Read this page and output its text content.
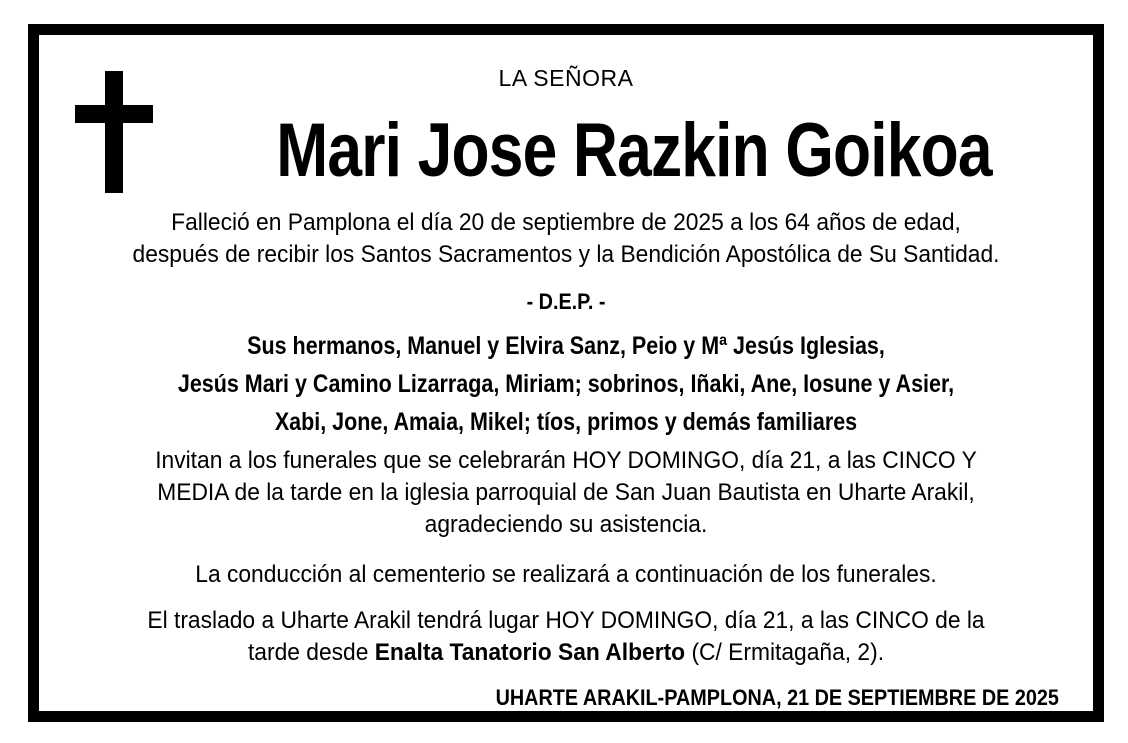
LA SEÑORA
Mari Jose Razkin Goikoa
Falleció en Pamplona el día 20 de septiembre de 2025 a los 64 años de edad,
después de recibir los Santos Sacramentos y la Bendición Apostólica de Su Santidad.
- D.E.P. -
Sus hermanos, Manuel y Elvira Sanz, Peio y Mª Jesús Iglesias,
Jesús Mari y Camino Lizarraga, Miriam; sobrinos, Iñaki, Ane, Iosune y Asier,
Xabi, Jone, Amaia, Mikel; tíos, primos y demás familiares
Invitan a los funerales que se celebrarán HOY DOMINGO, día 21, a las CINCO Y
MEDIA de la tarde en la iglesia parroquial de San Juan Bautista en Uharte Arakil,
agradeciendo su asistencia.
La conducción al cementerio se realizará a continuación de los funerales.
El traslado a Uharte Arakil tendrá lugar HOY DOMINGO, día 21, a las CINCO de la
tarde desde Enalta Tanatorio San Alberto (C/ Ermitagaña, 2).
UHARTE ARAKIL-PAMPLONA, 21 DE SEPTIEMBRE DE 2025
